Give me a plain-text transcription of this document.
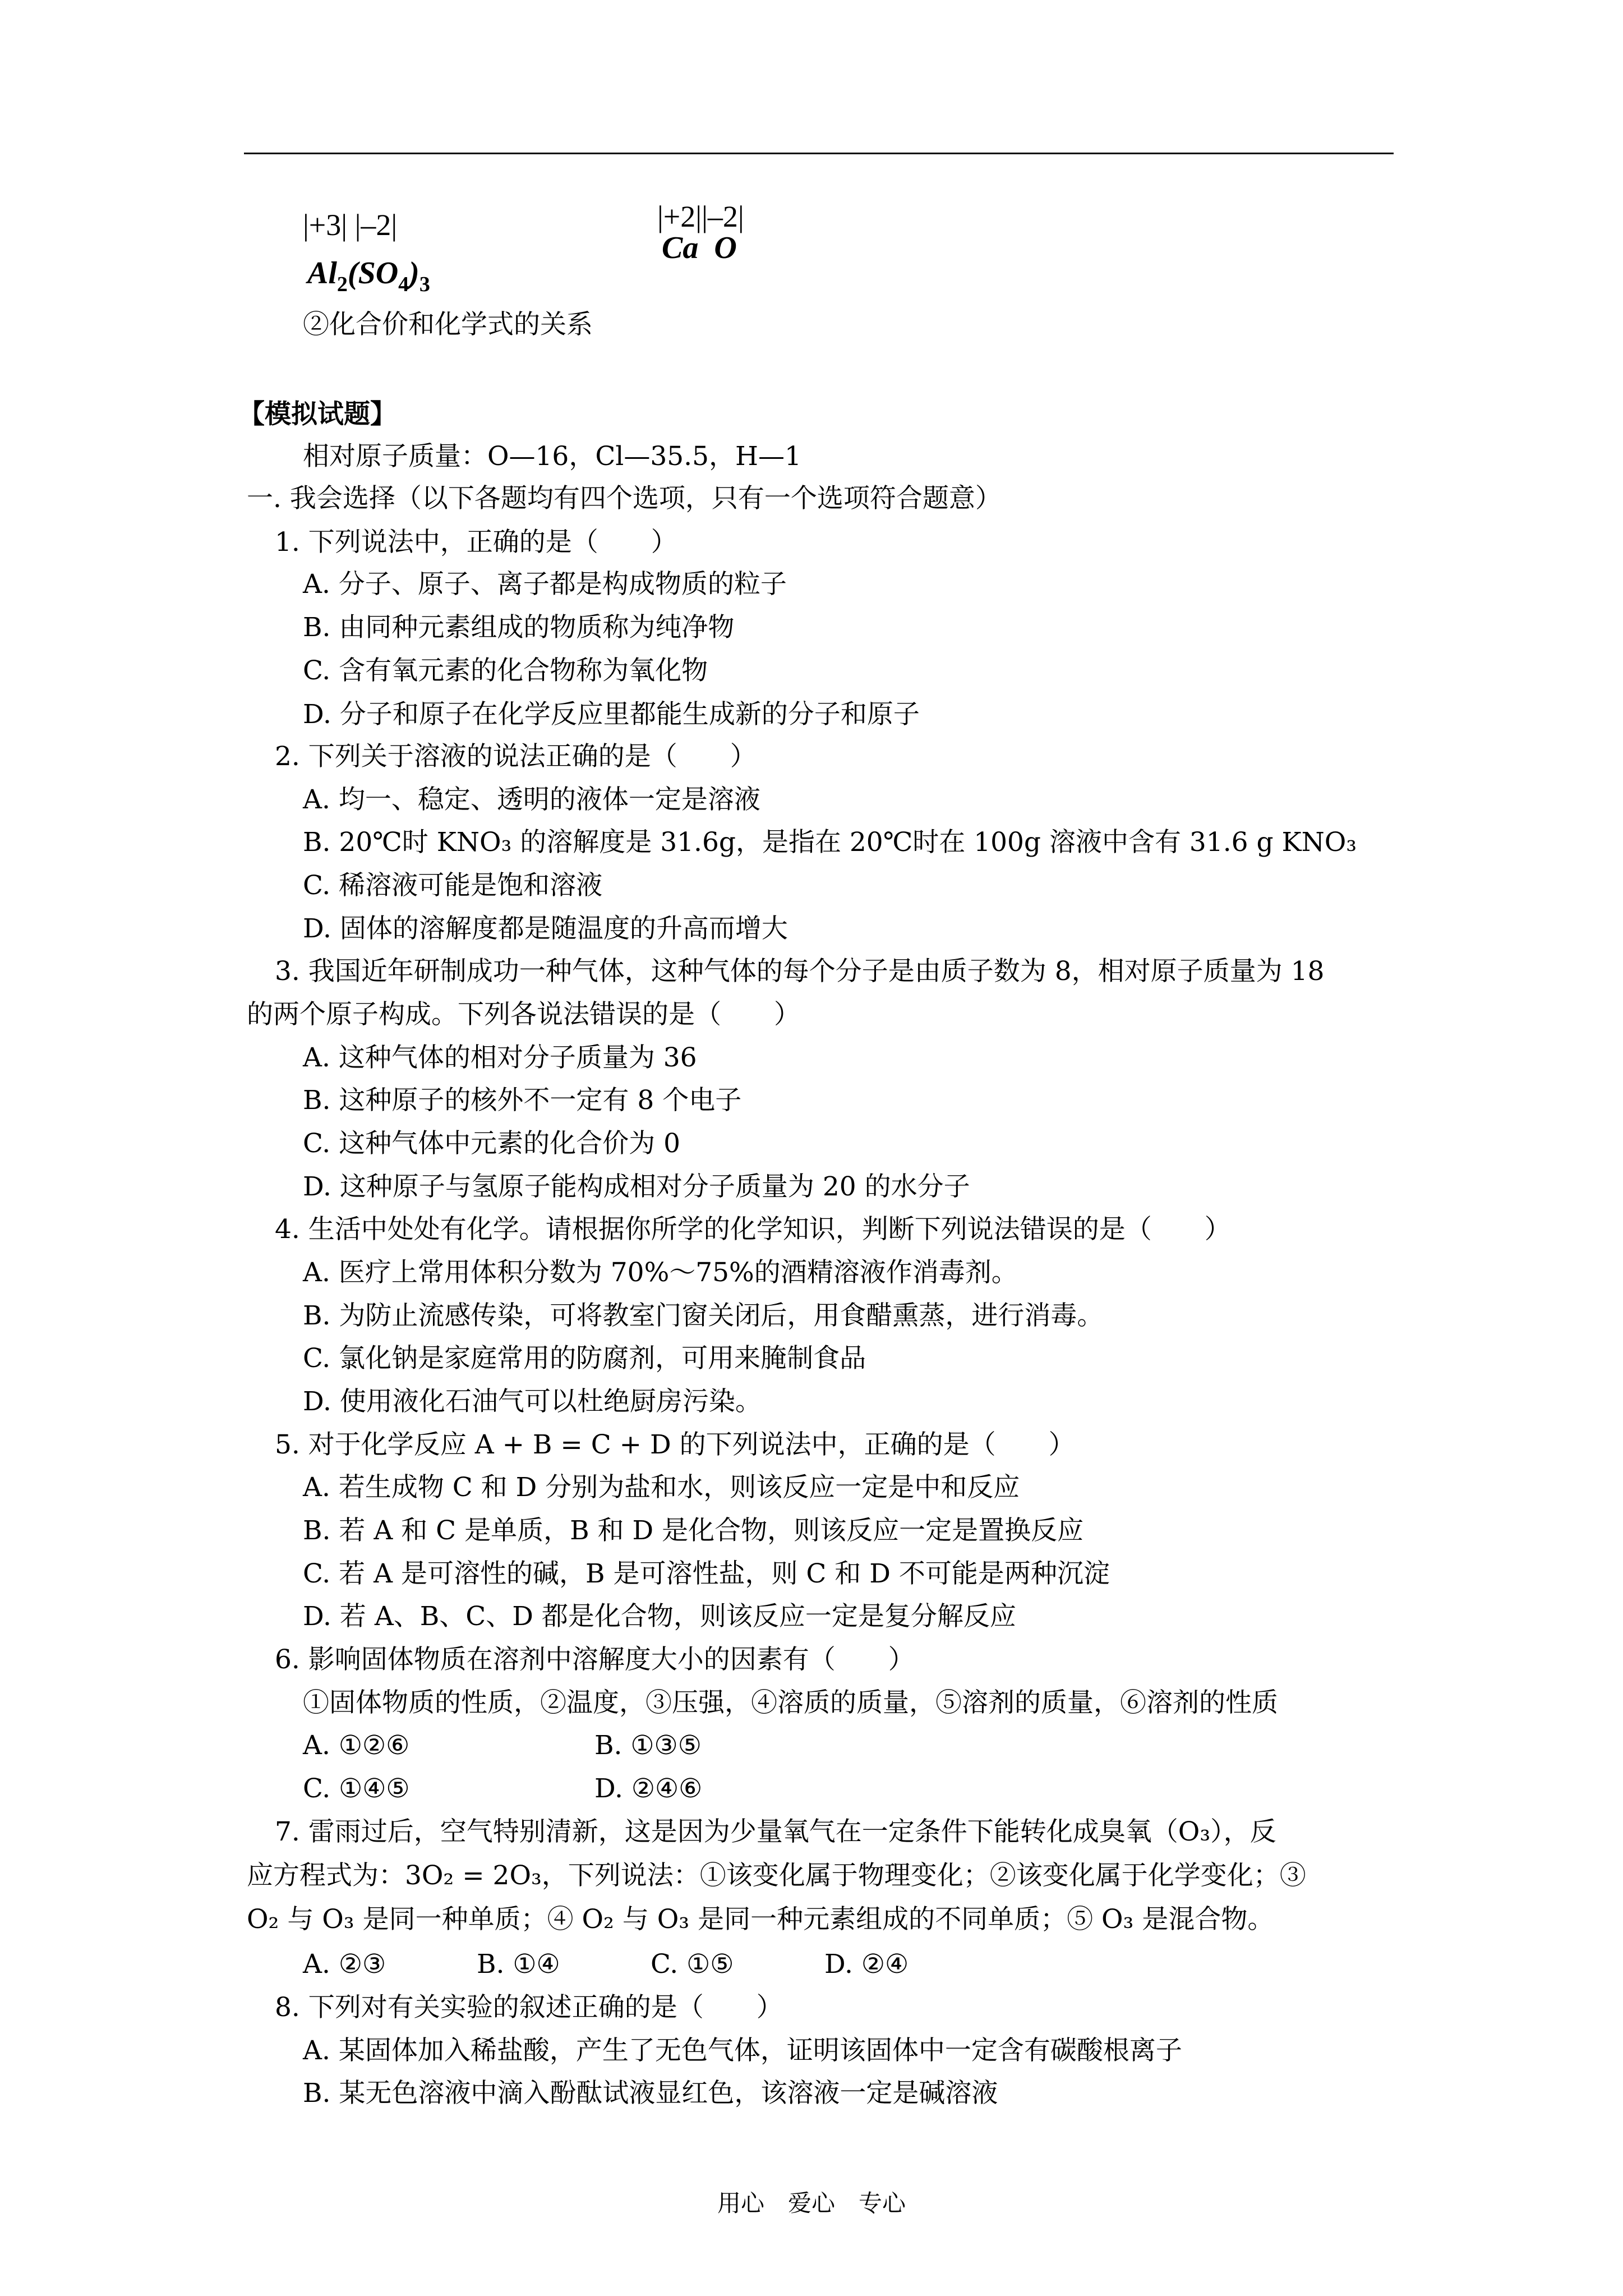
|+3| |–2|
$Al_2(SO_4)_3$
|+2||–2|
Ca  O
②化合价和化学式的关系
【模拟试题】
相对原子质量：O—16，Cl—35.5，H—1
一. 我会选择（以下各题均有四个选项，只有一个选项符合题意）
1. 下列说法中，正确的是（　　）
A. 分子、原子、离子都是构成物质的粒子
B. 由同种元素组成的物质称为纯净物
C. 含有氧元素的化合物称为氧化物
D. 分子和原子在化学反应里都能生成新的分子和原子
2. 下列关于溶液的说法正确的是（　　）
A. 均一、稳定、透明的液体一定是溶液
B. 20℃时 KNO₃ 的溶解度是 31.6g，是指在 20℃时在 100g 溶液中含有 31.6 g KNO₃
C. 稀溶液可能是饱和溶液
D. 固体的溶解度都是随温度的升高而增大
3. 我国近年研制成功一种气体，这种气体的每个分子是由质子数为 8，相对原子质量为 18
的两个原子构成。下列各说法错误的是（　　）
A. 这种气体的相对分子质量为 36
B. 这种原子的核外不一定有 8 个电子
C. 这种气体中元素的化合价为 0
D. 这种原子与氢原子能构成相对分子质量为 20 的水分子
4. 生活中处处有化学。请根据你所学的化学知识，判断下列说法错误的是（　　）
A. 医疗上常用体积分数为 70%～75%的酒精溶液作消毒剂。
B. 为防止流感传染，可将教室门窗关闭后，用食醋熏蒸，进行消毒。
C. 氯化钠是家庭常用的防腐剂，可用来腌制食品
D. 使用液化石油气可以杜绝厨房污染。
5. 对于化学反应 A + B = C + D 的下列说法中，正确的是（　　）
A. 若生成物 C 和 D 分别为盐和水，则该反应一定是中和反应
B. 若 A 和 C 是单质，B 和 D 是化合物，则该反应一定是置换反应
C. 若 A 是可溶性的碱，B 是可溶性盐，则 C 和 D 不可能是两种沉淀
D. 若 A、B、C、D 都是化合物，则该反应一定是复分解反应
6. 影响固体物质在溶剂中溶解度大小的因素有（　　）
①固体物质的性质，②温度，③压强，④溶质的质量，⑤溶剂的质量，⑥溶剂的性质
A. ①②⑥	B. ①③⑤
C. ①④⑤	D. ②④⑥
7. 雷雨过后，空气特别清新，这是因为少量氧气在一定条件下能转化成臭氧（O₃），反
应方程式为：3O₂ = 2O₃，下列说法：①该变化属于物理变化；②该变化属于化学变化；③
O₂ 与 O₃ 是同一种单质；④ O₂ 与 O₃ 是同一种元素组成的不同单质；⑤ O₃ 是混合物。
A. ②③	B. ①④	C. ①⑤	D. ②④
8. 下列对有关实验的叙述正确的是（　　）
A. 某固体加入稀盐酸，产生了无色气体，证明该固体中一定含有碳酸根离子
B. 某无色溶液中滴入酚酞试液显红色，该溶液一定是碱溶液
用心　爱心　专心
